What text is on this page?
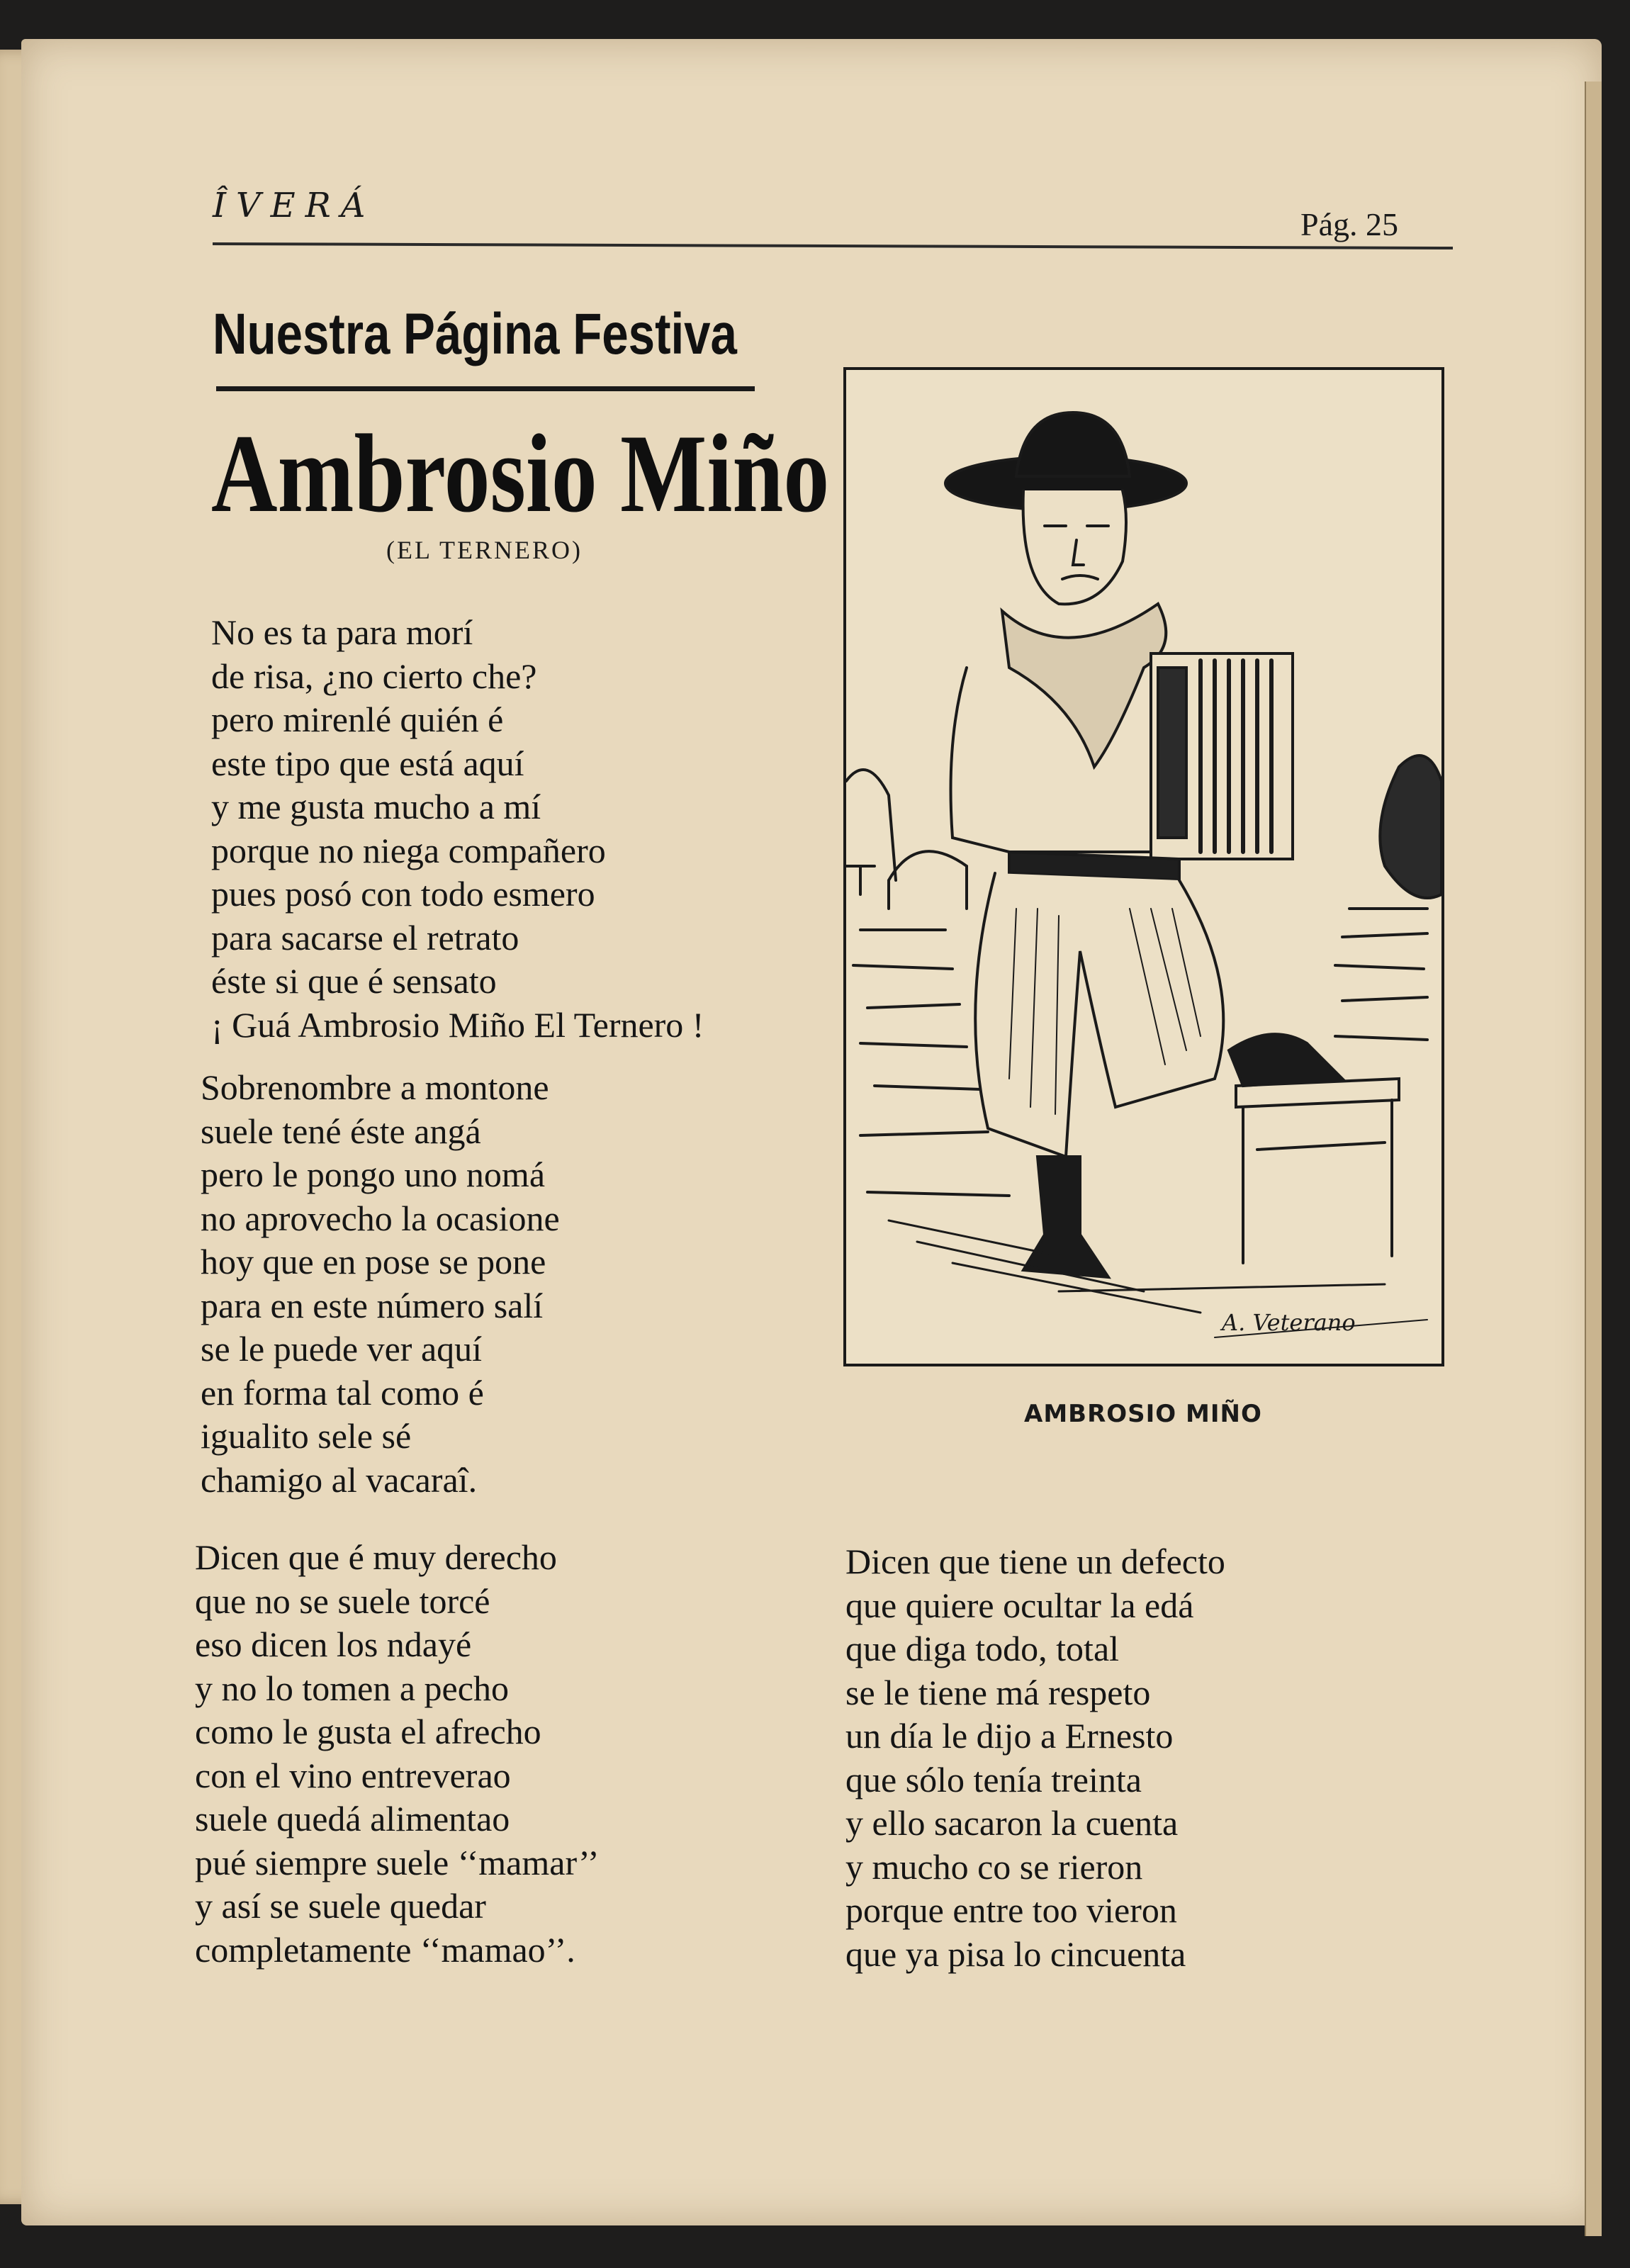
ÎVERÁ	Pág. 25
Nuestra Página Festiva
Ambrosio Miño
(EL TERNERO)
No es ta para morí
de risa, ¿no cierto che?
pero mirenlé quién é
este tipo que está aquí
y me gusta mucho a mí
porque no niega compañero
pues posó con todo esmero
para sacarse el retrato
éste si que é sensato
¡ Guá Ambrosio Miño El Ternero !
Sobrenombre a montone
suele tené éste angá
pero le pongo uno nomá
no aprovecho la ocasione
hoy que en pose se pone
para en este número salí
se le puede ver aquí
en forma tal como é
igualito sele sé
chamigo al vacaraî.
Dicen que é muy derecho
que no se suele torcé
eso dicen los ndayé
y no lo tomen a pecho
como le gusta el afrecho
con el vino entreverao
suele quedá alimentao
pué siempre suele ‘‘mamar’’
y así se suele quedar
completamente ‘‘mamao’’.
Dicen que tiene un defecto
que quiere ocultar la edá
que diga todo, total
se le tiene má respeto
un día le dijo a Ernesto
que sólo tenía treinta
y ello sacaron la cuenta
y mucho co se rieron
porque entre too vieron
que ya pisa lo cincuenta
A. Veterano
AMBROSIO MIÑO
